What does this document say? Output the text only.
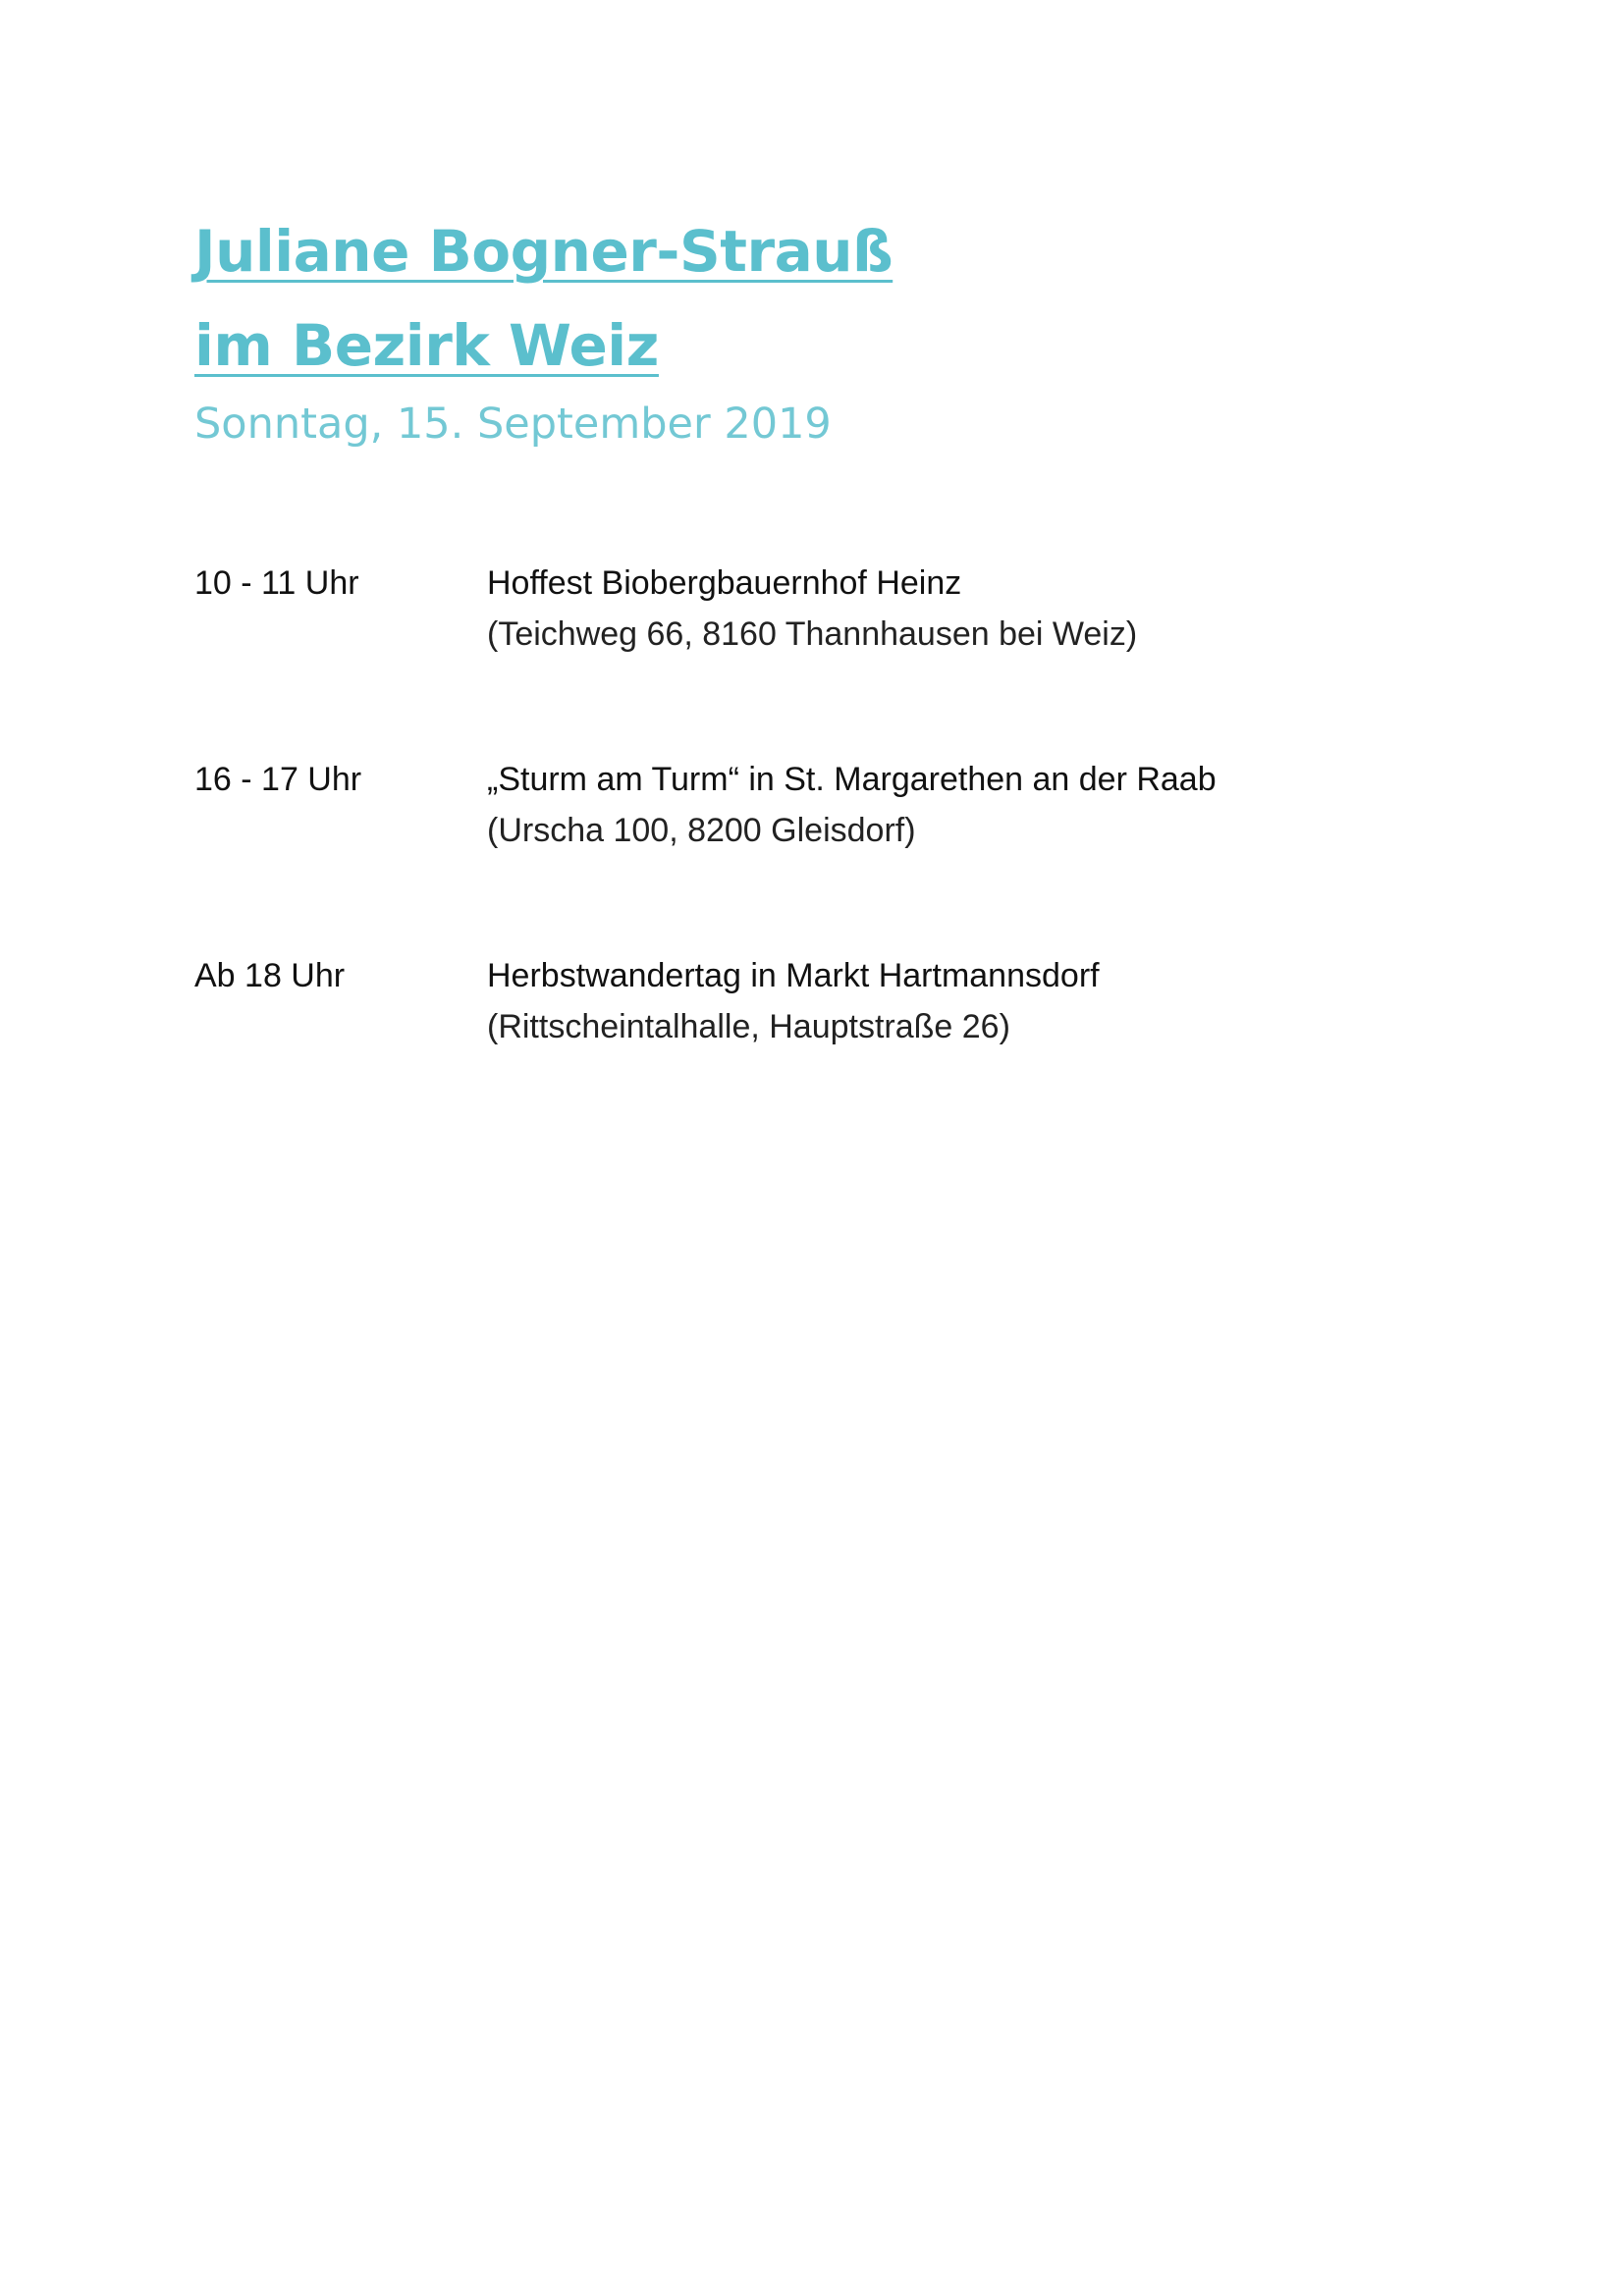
Juliane Bogner-Strauß
im Bezirk Weiz
Sonntag, 15. September 2019
10 - 11 Uhr	Hoffest Biobergbauernhof Heinz
(Teichweg 66, 8160 Thannhausen bei Weiz)
16 - 17 Uhr	„Sturm am Turm“ in St. Margarethen an der Raab
(Urscha 100, 8200 Gleisdorf)
Ab 18 Uhr	Herbstwandertag in Markt Hartmannsdorf
(Rittscheintalhalle, Hauptstraße 26)
